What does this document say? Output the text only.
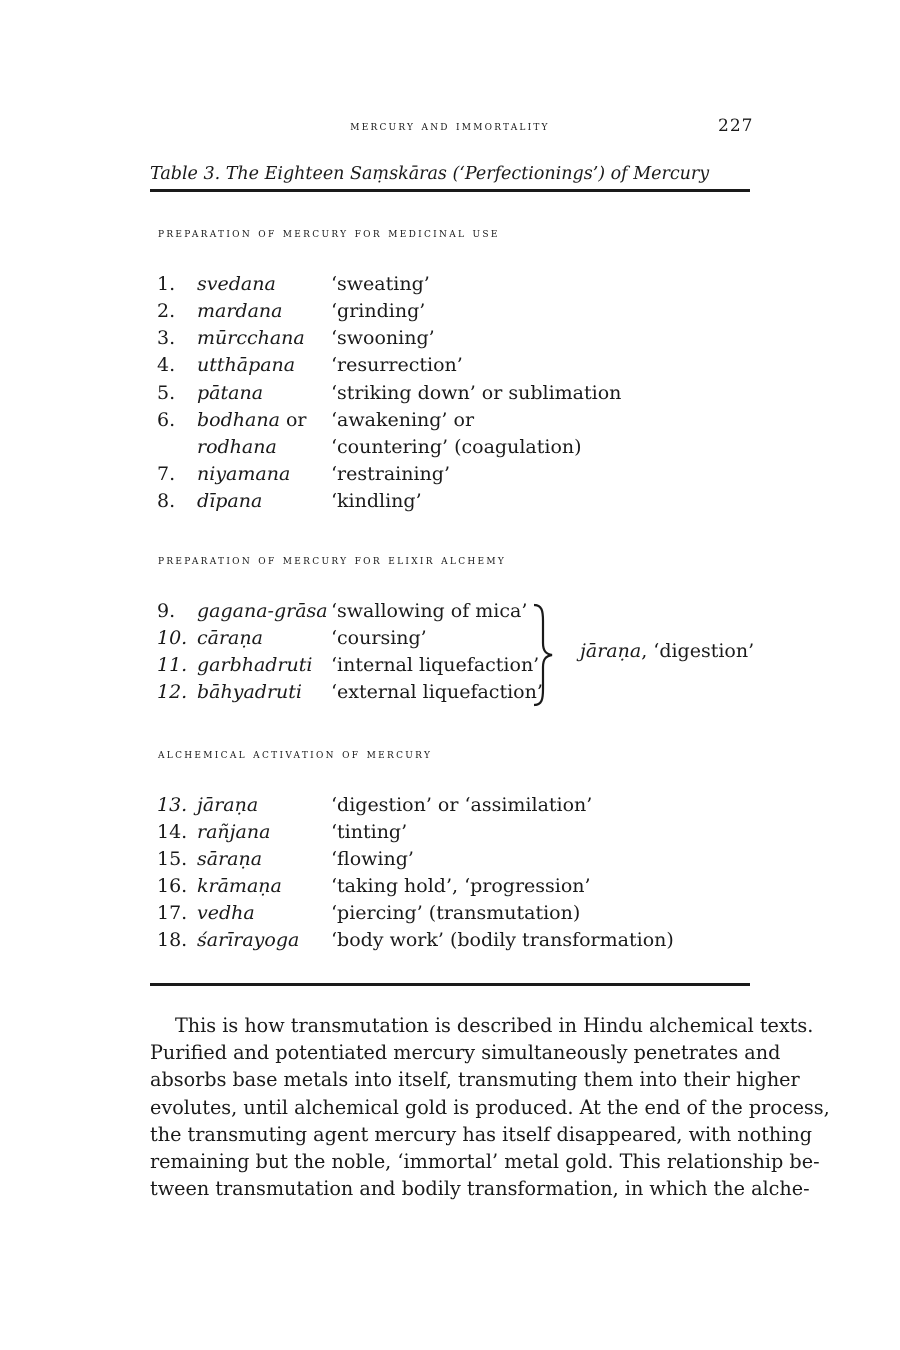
mercury and immortality	227
Table 3. The Eighteen Saṃskāras (‘Perfectionings’) of Mercury
preparation of mercury for medicinal use
1.	svedana	‘sweating’
2.	mardana	‘grinding’
3.	mūrcchana ‘swooning’
4.	utthāpana ‘resurrection’
5.	pātana	‘striking down’ or sublimation
6.	bodhana or ‘awakening’ or
rodhana	‘countering’ (coagulation)
7.	niyamana ‘restraining’
8.	dīpana	‘kindling’
preparation of mercury for elixir alchemy
9.	gagana-grāsa ‘swallowing of mica’
10. cāraṇa	‘coursing’
11. garbhadruti ‘internal liquefaction’
12. bāhyadruti ‘external liquefaction’
jāraṇa, ‘digestion’
alchemical activation of mercury
13. jāraṇa	‘digestion’ or ‘assimilation’
14. rañjana	‘tinting’
15. sāraṇa	‘flowing’
16. krāmaṇa	‘taking hold’, ‘progression’
17. vedha	‘piercing’ (transmutation)
18. śarīrayoga ‘body work’ (bodily transformation)
This is how transmutation is described in Hindu alchemical texts.
Purified and potentiated mercury simultaneously penetrates and
absorbs base metals into itself, transmuting them into their higher
evolutes, until alchemical gold is produced. At the end of the process,
the transmuting agent mercury has itself disappeared, with nothing
remaining but the noble, ‘immortal’ metal gold. This relationship be-
tween transmutation and bodily transformation, in which the alche-
